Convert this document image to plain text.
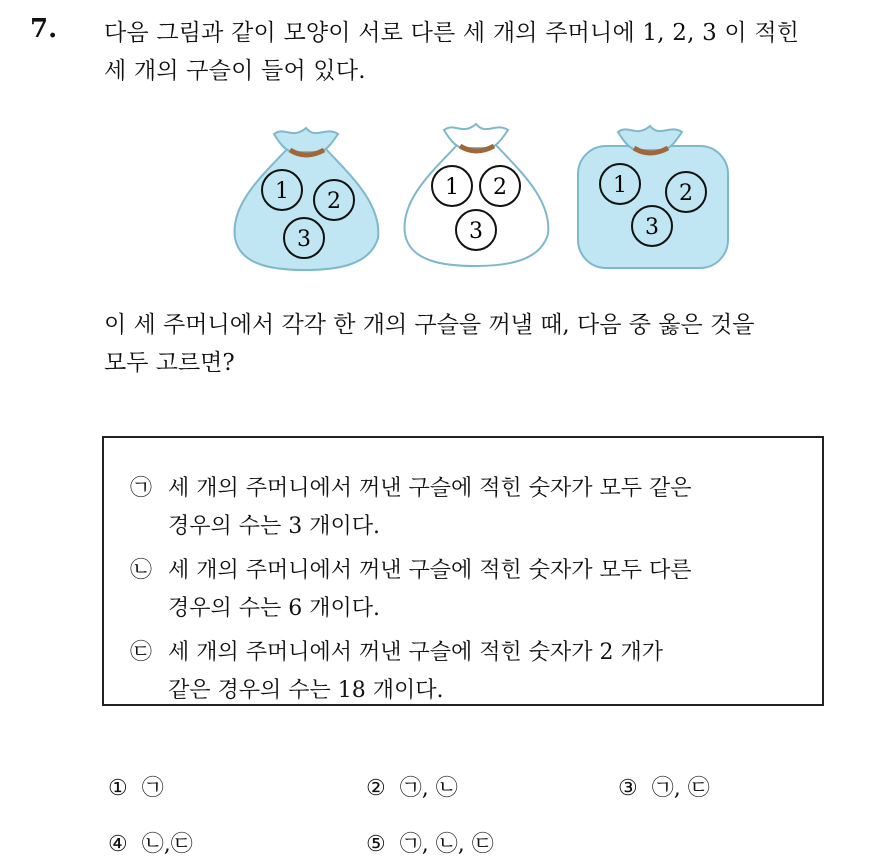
7. 다음 그림과 같이 모양이 서로 다른 세 개의 주머니에 1, 2, 3 이 적힌
세 개의 구슬이 들어 있다.
1 2
3
1 2
3
1 2
3
이 세 주머니에서 각각 한 개의 구슬을 꺼낼 때, 다음 중 옳은 것을
모두 고르면?
㉠ 세 개의 주머니에서 꺼낸 구슬에 적힌 숫자가 모두 같은
경우의 수는 3 개이다.
㉡ 세 개의 주머니에서 꺼낸 구슬에 적힌 숫자가 모두 다른
경우의 수는 6 개이다.
㉢ 세 개의 주머니에서 꺼낸 구슬에 적힌 숫자가 2 개가
같은 경우의 수는 18 개이다.
① ㉠	② ㉠, ㉡	③ ㉠, ㉢
④ ㉡,㉢	⑤ ㉠, ㉡, ㉢
